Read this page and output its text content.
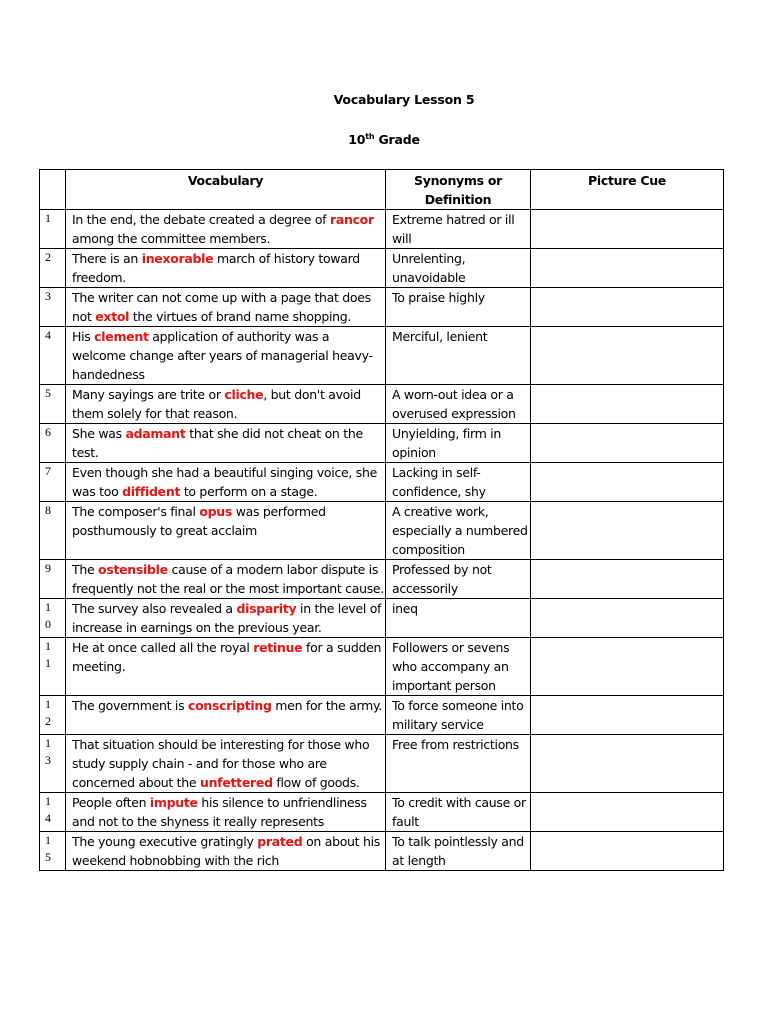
Vocabulary Lesson 5
10th Grade
	Vocabulary	Synonyms or Definition	Picture Cue

1	In the end, the debate created a degree of rancor among the committee members.	Extreme hatred or ill will	

2	There is an inexorable march of history toward freedom.	Unrelenting, unavoidable	

3	The writer can not come up with a page that does not extol the virtues of brand name shopping.	To praise highly	

4	His clement application of authority was a welcome change after years of managerial heavy-handedness	Merciful, lenient	

5	Many sayings are trite or cliche, but don't avoid them solely for that reason.	A worn-out idea or a overused expression	

6	She was adamant that she did not cheat on the test.	Unyielding, firm in opinion	

7	Even though she had a beautiful singing voice, she was too diffident to perform on a stage.	Lacking in self-confidence, shy	

8	The composer's final opus was performed posthumously to great acclaim	A creative work, especially a numbered composition	

9	The ostensible cause of a modern labor dispute is frequently not the real or the most important cause.	Professed by not accessorily	

10	The survey also revealed a disparity in the level of increase in earnings on the previous year.	ineq	

11	He at once called all the royal retinue for a sudden meeting.	Followers or sevens who accompany an important person	

12	The government is conscripting men for the army.	To force someone into military service	

13	That situation should be interesting for those who study supply chain - and for those who are concerned about the unfettered flow of goods.	Free from restrictions	

14	People often impute his silence to unfriendliness and not to the shyness it really represents	To credit with cause or fault	

15	The young executive gratingly prated on about his weekend hobnobbing with the rich	To talk pointlessly and at length	
